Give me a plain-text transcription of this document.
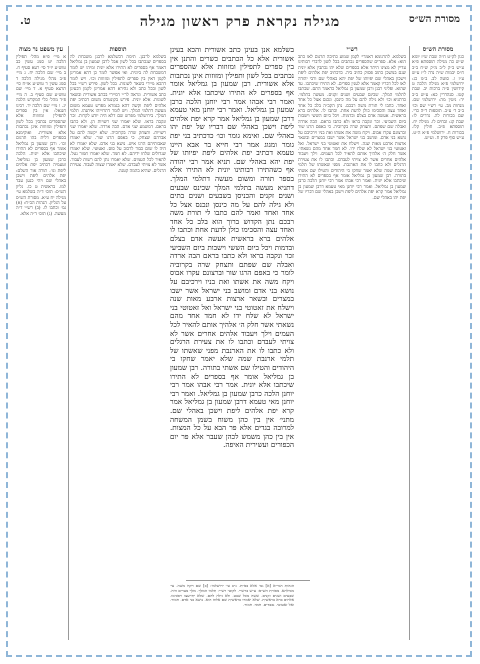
מסורת הש״ס
מגילה נקראת פרק ראשון מגילה
ט.
מסורת הש״ס
כגון לק״ט ח״ה שבת ש״ז יומא ש״ש כה מגילה תוספתא פ״א ע״ש ב״ק ל״ב מ״ק ש״ח ב״ב ח״ס יבמות ש״ה נדה ל״ז ע״ש ע״ז ו. סוטה לב. ב״מ כג: ירושלמי פ״א מגילה הלכה ט קידושין ס״ה ברכות יב. שבת קטו. סנהדרין כא: ע״ש ב״ב יד: גיטין מה: ירושלמי שם. מנחות מב. עי׳ רש״י שם וכו׳ ב״ב ד׳ ע״ב. תוספות ד״ה כדי. שם בכורות לה. נדרים לז: שבת קג: זבחים לז. מגילה יח. תוספתא פ״ב. חולין קלז. בכורות ח. ירושלמי פ״א ה״ט. ע״ש סוף פרק ח. וע״ש.
רש״י
בשלמא. לתרגומא דאמרי׳ לקמן שמוע כתיבה תרגום לאו כתב הוא: אלא. ספרים שהספרים נכתבים בכל לשון לדברי רבותינו עדיין לא מצינו היתר אלא בספרים שלא יהו נכתבין אלא יונית שגם במשכן כתוב פסוק כתיב ביה. כדכתיב יפת אלהים ליפת וישכון באהלי שם יפיותו של יפת יהא באהלי שם ורבי יהודה לאו לכל דבריו קאמר אלא לענין ספרים. לא התירו שיכתבו. עד שהוא. ופליגי רבנן ורבן שמעון בן גמליאל כדאמר התם. שכתבו לתלמי המלך. שכינס שבעים ושנים זקנים. מעשה בתלמי. כדתניא וכו׳ ולא גילה להם על מה כינסן. ונכנס אצל כל אחד ואחד. כתבו לי תורת משה רבכם. נתן הקב״ה בלב כל אחד ואחד עצה והסכימו כולן לדעת אחת. וכתבו לו. אלהים ברא בראשית. אעשה אדם בצלם ובדמות. ויכל ביום הששי וישבות ביום השביעי. זכר ונקבה בראו ולא כתבו בראם. הבה ארדה ואבלה שם שפתם. ותצחק שרה בקרוביה. כי באפם הרגו שור וברצונם עקרו אבוס. ויקח משה את אשתו ואת בניו וירכיבם על נושא בני אדם. ומושב בני ישראל אשר ישבו במצרים ובשאר ארצות ארבע מאות שנה. וישלח את זאטוטי בני ישראל. ואל זאטוטי בני ישראל לא שלח ידו. לא חמד אחד מהם נשאתי. אשר חלק ה׳ אלהיך אותם להאיר לכל העמים. וילך ויעבוד אלהים אחרים אשר לא צויתי לעבדם. וכתבו לו את צעירת הרגלים ולא כתבו לו את הארנבת. מפני שאשתו של תלמי ארנבת שמה שלא יאמר שחקו בי היהודים והטילו שם אשתי בתורה. רבן שמעון בן גמליאל אומר אף בספרים לא התירו שיכתבו אלא יונית. ואמר רבי אבהו אמר רבי יוחנן הלכה כרבן שמעון בן גמליאל. ואמר רבי יוחנן מאי טעמא דרבן שמעון בן גמליאל אמר קרא יפת אלהים ליפת וישכן באהלי שם דבריו של יפת יהו באהלי שם.
בשלמא אנן בעינן כתב אשורית והכא בעינן אשורית אלא כל הכתבים כשרים והתנן אין בין ספרים לתפילין ומזוזות אלא שהספרים נכתבים בכל לשון ותפילין ומזוזות אינן נכתבות אלא אשורית. רבן שמעון בן גמליאל אומר אף בספרים לא התירו שיכתבו אלא יונית. ואמר רבי אבהו אמר רבי יוחנן הלכה כרבן שמעון בן גמליאל. ואמר רבי יוחנן מאי טעמא דרבן שמעון בן גמליאל אמר קרא יפת אלהים ליפת וישכן באהלי שם דבריו של יפת יהו באהלי שם. ואימא גומר וכו׳ כדכתיב בני יפת גומר ומגוג אמר רבי חייא בר אבא היינו טעמא דכתיב יפת אלהים ליפת יפיותו של יפת יהא באהלי שם. תניא אמר רבי יהודה אף כשהתירו רבותינו יונית לא התירו אלא בספר תורה ומשום מעשה דתלמי המלך. דתניא מעשה בתלמי המלך שכינס שבעים ושנים זקנים והכניסן בשבעים ושנים בתים ולא גילה להם על מה כינסן ונכנס אצל כל אחד ואחד ואמר להם כתבו לי תורת משה רבכם נתן הקדוש ברוך הוא בלב כל אחד ואחד עצה והסכימו כולן לדעת אחת וכתבו לו אלהים ברא בראשית אעשה אדם בצלם ובדמות ויכל ביום הששי וישבות ביום השביעי זכר ונקבה בראו ולא כתבו בראם הבה ארדה ואבלה שם שפתם ותצחק שרה בקרוביה לומר כי באפם הרגו שור וברצונם עקרו אבוס ויקח משה את אשתו ואת בניו וירכיבם על נושא בני אדם ומושב בני ישראל אשר ישבו במצרים ובשאר ארצות ארבע מאות שנה וישלח את זאטוטי בני ישראל ואל זאטוטי בני ישראל לא שלח ידו לא חמד אחד מהם נשאתי אשר חלק ה׳ אלהיך אותם להאיר לכל העמים וילך ויעבוד אלהים אחרים אשר לא צויתי לעבדם וכתבו לו את צעירת הרגלים ולא כתבו לו את הארנבת מפני שאשתו של תלמי ארנבת שמה שלא יאמר שחקו בי היהודים והטילו שם אשתי בתורה. רבן שמעון בן גמליאל אומר אף בספרים לא התירו שיכתבו אלא יונית. אמר רבי אבהו אמר רבי יוחנן הלכה כרבן שמעון בן גמליאל. ואמר רבי יוחנן מאי טעמא דרבן שמעון בן גמליאל אמר קרא יפת אלהים ליפת וישכן באהלי שם. מתני׳ אין בין כהן משוח בשמן המשחה למרובה בגדים אלא פר הבא על כל המצות. אין בין כהן משמש לכהן שעבר אלא פר יום הכפורים ועשירית האיפה.
תוספות
בשלמא לרבנן. תימה דבשלמא לרבנן משכחת לה בספרים שנכתבו בכל לשון אבל לרבן שמעון בן גמליאל דאמר אף בספרים לא התירו אלא יונית ומיהו יש לומר דמשכחת לה ביונית. ואי אפשר לומר כן דהא אמרינן לקמן דאין בין ספרים לתפילין ומזוזות וכו׳. ויש לומר דהכא מיירי בשאר לשונות. בכל לשון. פירש רש״י בכל לשון ובכל כתב ולא נהירא דהא אמרינן לקמן דבעינן כתב אשורית. ונראה לר״י דמיירי בכתב אשורית ובשאר לשונות. אלא יונית. פירש בקונטרס משום דכתיב יפת אלהים ליפת וקשה דהא בגמרא מפרש טעמא משום מעשה דתלמי המלך. ויש לומר דתרוייהו איתנהו. תלמי המלך. בירושלמי מפרש שם דלא היה יודע לקרות. זכר ונקבה בראו. שלא יאמרו שני רשויות הן. ולא כתבו בראם. דמשמע שני אדם. הבה ארדה. שלא יאמרו שני רשויות. ותצחק שרה בקרוביה. שלא יקשה להם על אברהם שצחק. כי באפם הרגו שור. שלא יאמרו שאבותיהם הרגו איש. נושא בני אדם. שלא יאמרו לא היה לו שום כבוד לרכוב על סוס. זאטוטי. שלא יאמרו שגדולים שלחו ידיהם. לא חמד. שלא יאמרו חמור נטל. להאיר לכל העמים. שלא יאמרו נתן להם רשות לעבוד. אשר לא צויתי לעבדם. שלא יאמרו שצוה לעבוד. צעירת הרגלים. שהיא בהמה קטנה.
עין משפט נר מצוה
א מיי׳ פ״א מהל׳ תפילין הלכה יט סמג עשין כב טוש״ע יו״ד סי׳ רעא סעיף ח. ב מיי׳ שם הלכה יח. ג מיי׳ פ״ב מהל׳ מגילה הלכה ד סמג עשין ד טוש״ע או״ח סי׳ תרצא סעיף א. ד מיי׳ שם טוש״ע שם סעיף ב. ה מיי׳ פ״ד מהל׳ כלי המקדש הלכה יג. ו מיי׳ שם הלכה יד. רבינו חננאל: אין בין ספרים לתפילין ומזוזות אלא שהספרים נכתבין בכל לשון ותפילין ומזוזות אינן נכתבות אלא אשורית. ואוקימנא בספרים דלית בהו תרגום וכו׳. ורבן שמעון בן גמליאל אומר אף בספרים לא התירו שיכתבו אלא יונית. הלכה כרבן שמעון בן גמליאל. וטעמיה דכתיב יפת אלהים ליפת וגו׳. תורה אור השלם: יפת אלהים ליפת וישכן באהלי שם ויהי כנען עבד למו. בראשית ט כז. גליון הש״ס: תוס׳ ד״ה בשלמא עי׳ מגילה יח ע״א. מסורת הש״ס על הגליון. הגהות הב״ח: (א) גמ׳ וכתבו לו. (ב) רש״י ד״ה מעשה. (ג) תוס׳ ד״ה אלא.
הגהות הגר״א [א] גמ׳ אלא בס״ת. נ״ב עי׳ ירושלמי: [ב] שם ויקח משה. עי׳ מכילתא. מסורת הש״ס: ע״ש ברש״י. לקוטי רש״י: תלמי המלך. מלך מצרים היה. שבעים ושנים זקנים. ששה מכל שבט. ולא גילה להם. שלא יתייעצו ויסכימו. אלהים ברא בראשית. שלא יאמרו בראשית שם אלוה הוא. נושא בני אדם. חמור. ואל זאטוטי. נכבדים. חמד. חמור.
